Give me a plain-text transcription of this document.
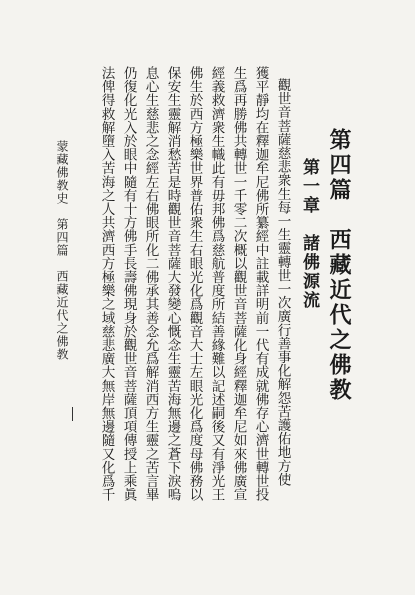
第四篇　西藏近代之佛教
第一章　諸佛源流
觀世音菩薩慈悲衆生每一生靈轉世一次廣行善事化解怨苦護佑地方使
獲平靜均在釋迦牟尼佛所纂經中註載詳明前一代有成就佛存心濟世轉世投
生爲再勝佛共轉世一千零二次概以觀世音菩薩化身經釋迦牟尼如來佛廣宣
經義救濟衆生幟此有毋邦佛爲慈航普度所結善緣難以記述嗣後又有淨光王
佛生於西方極樂世界普佑衆生右眼光化爲觀音大士左眼光化爲度母佛務以
保安生靈解消愁苦是時觀世音菩薩大發變心慨念生靈苦海無邊之蒼下淚嗚
息心生慈悲之念經左右佛眼所化二佛承其善念允爲解消西方生靈之苦言畢
仍復化光入於眼中隨有十方佛手長壽佛現身於觀世音菩薩頂項傳授上乘眞
法俾得救解墮入苦海之人共濟西方極樂之域慈悲廣大無岸無邊隨又化爲千
蒙藏佛教史
第四篇　西藏近代之佛教
